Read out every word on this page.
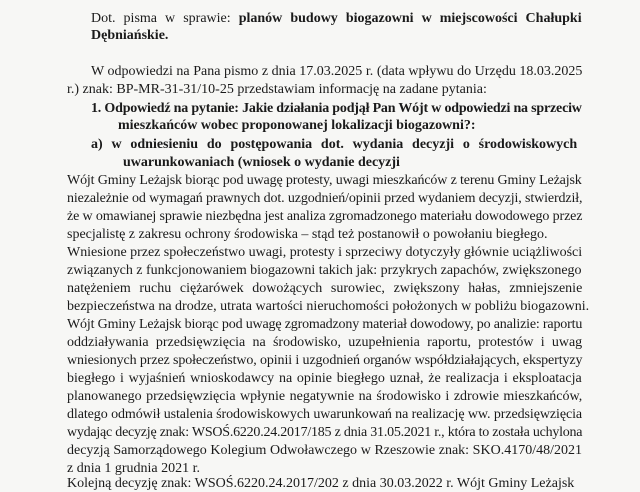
Dot. pisma w sprawie: planów budowy biogazowni w miejscowości Chałupki
Dębniańskie.
W odpowiedzi na Pana pismo z dnia 17.03.2025 r. (data wpływu do Urzędu 18.03.2025
r.) znak: BP-MR-31-31/10-25 przedstawiam informację na zadane pytania:
1. Odpowiedź na pytanie: Jakie działania podjął Pan Wójt w odpowiedzi na sprzeciw
mieszkańców wobec proponowanej lokalizacji biogazowni?:
a) w odniesieniu do postępowania dot. wydania decyzji o środowiskowych
uwarunkowaniach (wniosek o wydanie decyzji
Wójt Gminy Leżajsk biorąc pod uwagę protesty, uwagi mieszkańców z terenu Gminy Leżajsk
niezależnie od wymagań prawnych dot. uzgodnień/opinii przed wydaniem decyzji, stwierdził,
że w omawianej sprawie niezbędna jest analiza zgromadzonego materiału dowodowego przez
specjalistę z zakresu ochrony środowiska – stąd też postanowił o powołaniu biegłego.
Wniesione przez społeczeństwo uwagi, protesty i sprzeciwy dotyczyły głównie uciążliwości
związanych z funkcjonowaniem biogazowni takich jak: przykrych zapachów, zwiększonego
natężeniem ruchu ciężarówek dowożących surowiec, zwiększony hałas, zmniejszenie
bezpieczeństwa na drodze, utrata wartości nieruchomości położonych w pobliżu biogazowni.
Wójt Gminy Leżajsk biorąc pod uwagę zgromadzony materiał dowodowy, po analizie: raportu
oddziaływania przedsięwzięcia na środowisko, uzupełnienia raportu, protestów i uwag
wniesionych przez społeczeństwo, opinii i uzgodnień organów współdziałających, ekspertyzy
biegłego i wyjaśnień wnioskodawcy na opinie biegłego uznał, że realizacja i eksploatacja
planowanego przedsięwzięcia wpłynie negatywnie na środowisko i zdrowie mieszkańców,
dlatego odmówił ustalenia środowiskowych uwarunkowań na realizację ww. przedsięwzięcia
wydając decyzję znak: WSOŚ.6220.24.2017/185 z dnia 31.05.2021 r., która to została uchylona
decyzją Samorządowego Kolegium Odwoławczego w Rzeszowie znak: SKO.4170/48/2021
z dnia 1 grudnia 2021 r.
Kolejną decyzję znak: WSOŚ.6220.24.2017/202 z dnia 30.03.2022 r. Wójt Gminy Leżajsk
